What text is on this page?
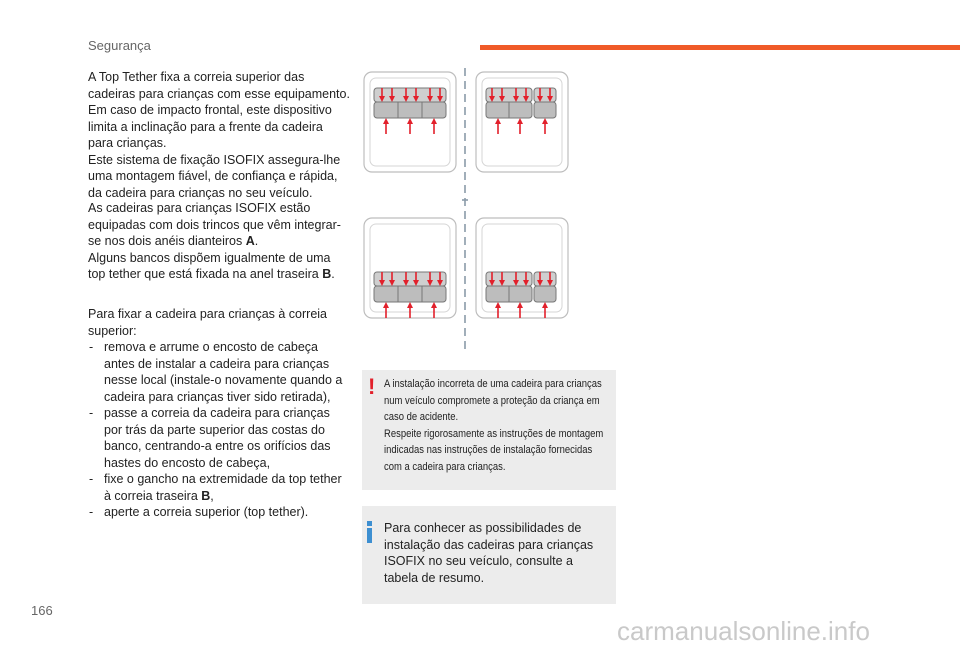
Segurança

A Top Tether fixa a correia superior das cadeiras para crianças com esse equipamento. Em caso de impacto frontal, este dispositivo limita a inclinação para a frente da cadeira para crianças.

Este sistema de fixação ISOFIX assegura-lhe uma montagem fiável, de confiança e rápida, da cadeira para crianças no seu veículo.

As cadeiras para crianças ISOFIX estão equipadas com dois trincos que vêm integrar-se nos dois anéis dianteiros A.

Alguns bancos dispõem igualmente de uma top tether que está fixada na anel traseira B.

Para fixar a cadeira para crianças à correia superior:

- remova e arrume o encosto de cabeça antes de instalar a cadeira para crianças nesse local (instale-o novamente quando a cadeira para crianças tiver sido retirada),
- passe a correia da cadeira para crianças por trás da parte superior das costas do banco, centrando-a entre os orifícios das hastes do encosto de cabeça,
- fixe o gancho na extremidade da top tether à correia traseira B,
- aperte a correia superior (top tether).
! A instalação incorreta de uma cadeira para crianças num veículo compromete a proteção da criança em caso de acidente.
Respeite rigorosamente as instruções de montagem indicadas nas instruções de instalação fornecidas com a cadeira para crianças.
Para conhecer as possibilidades de instalação das cadeiras para crianças ISOFIX no seu veículo, consulte a tabela de resumo.
166
carmanualsonline.info
